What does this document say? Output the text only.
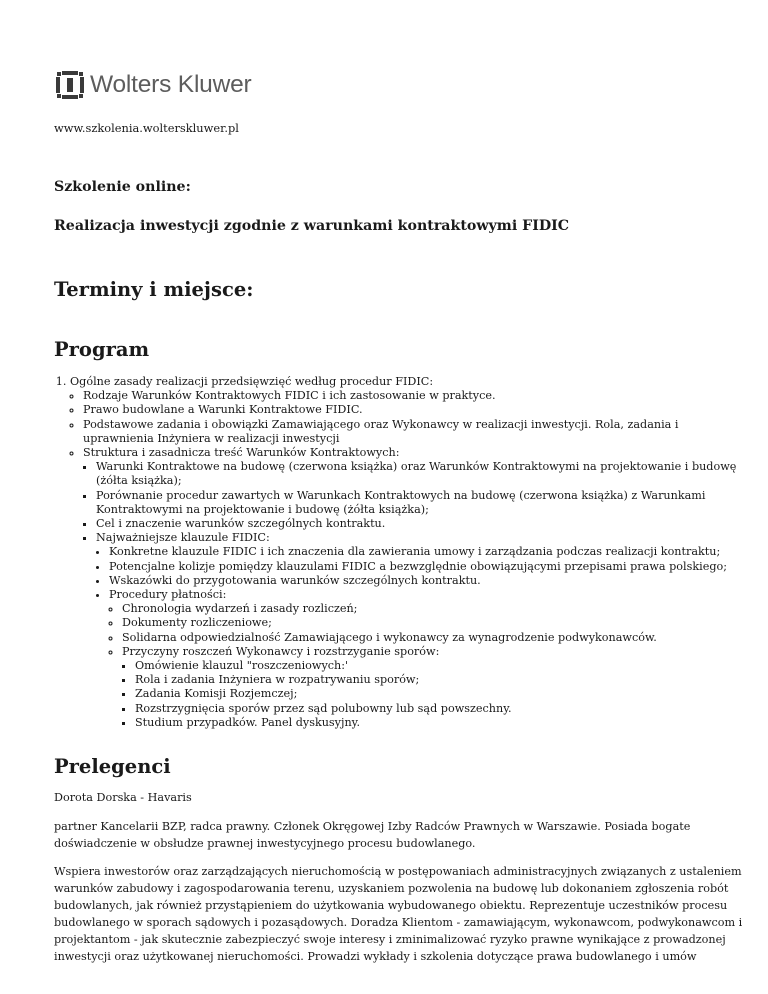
Wolters Kluwer
www.szkolenia.wolterskluwer.pl
Szkolenie online:
Realizacja inwestycji zgodnie z warunkami kontraktowymi FIDIC
Terminy i miejsce:
Program
1. Ogólne zasady realizacji przedsięwzięć według procedur FIDIC:
◦ Rodzaje Warunków Kontraktowych FIDIC i ich zastosowanie w praktyce.
◦ Prawo budowlane a Warunki Kontraktowe FIDIC.
◦ Podstawowe zadania i obowiązki Zamawiającego oraz Wykonawcy w realizacji inwestycji. Rola, zadania i uprawnienia Inżyniera w realizacji inwestycji
◦ Struktura i zasadnicza treść Warunków Kontraktowych:
▪ Warunki Kontraktowe na budowę (czerwona książka) oraz Warunków Kontraktowymi na projektowanie i budowę (żółta książka);
▪ Porównanie procedur zawartych w Warunkach Kontraktowych na budowę (czerwona książka) z Warunkami Kontraktowymi na projektowanie i budowę (żółta książka);
▪ Cel i znaczenie warunków szczególnych kontraktu.
▪ Najważniejsze klauzule FIDIC:
• Konkretne klauzule FIDIC i ich znaczenia dla zawierania umowy i zarządzania podczas realizacji kontraktu;
• Potencjalne kolizje pomiędzy klauzulami FIDIC a bezwzględnie obowiązującymi przepisami prawa polskiego;
• Wskazówki do przygotowania warunków szczególnych kontraktu.
• Procedury płatności:
◦ Chronologia wydarzeń i zasady rozliczeń;
◦ Dokumenty rozliczeniowe;
◦ Solidarna odpowiedzialność Zamawiającego i wykonawcy za wynagrodzenie podwykonawców.
◦ Przyczyny roszczeń Wykonawcy i rozstrzyganie sporów:
▪ Omówienie klauzul "roszczeniowych:'
▪ Rola i zadania Inżyniera w rozpatrywaniu sporów;
▪ Zadania Komisji Rozjemczej;
▪ Rozstrzygnięcia sporów przez sąd polubowny lub sąd powszechny.
▪ Studium przypadków. Panel dyskusyjny.
Prelegenci
Dorota Dorska - Havaris
partner Kancelarii BZP, radca prawny. Członek Okręgowej Izby Radców Prawnych w Warszawie. Posiada bogate doświadczenie w obsłudze prawnej inwestycyjnego procesu budowlanego.
Wspiera inwestorów oraz zarządzających nieruchomością w postępowaniach administracyjnych związanych z ustaleniem warunków zabudowy i zagospodarowania terenu, uzyskaniem pozwolenia na budowę lub dokonaniem zgłoszenia robót budowlanych, jak również przystąpieniem do użytkowania wybudowanego obiektu. Reprezentuje uczestników procesu budowlanego w sporach sądowych i pozasądowych. Doradza Klientom - zamawiającym, wykonawcom, podwykonawcom i projektantom - jak skutecznie zabezpieczyć swoje interesy i zminimalizować ryzyko prawne wynikające z prowadzonej inwestycji oraz użytkowanej nieruchomości. Prowadzi wykłady i szkolenia dotyczące prawa budowlanego i umów
